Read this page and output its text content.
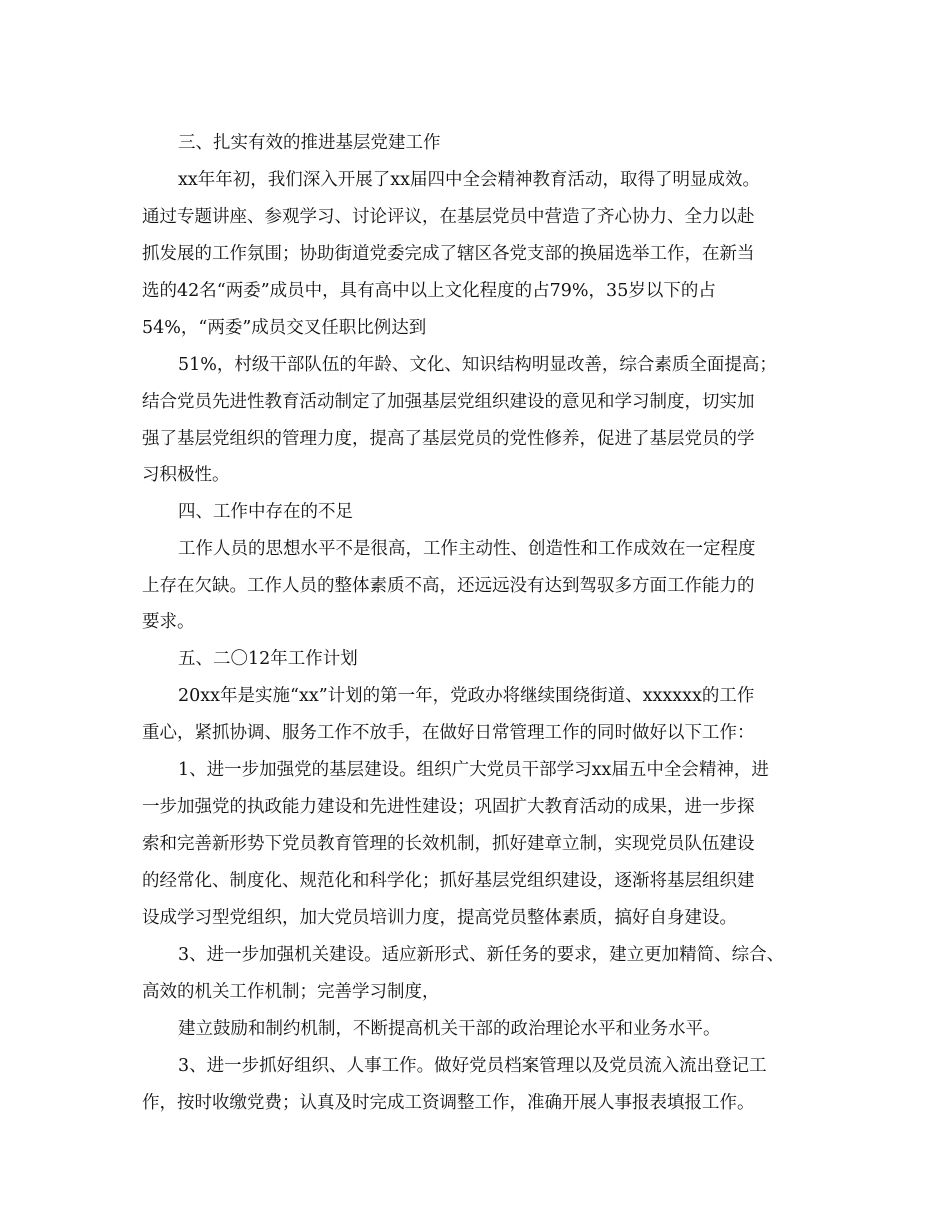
三、扎实有效的推进基层党建工作

xx年年初，我们深入开展了xx届四中全会精神教育活动，取得了明显成效。

通过专题讲座、参观学习、讨论评议，在基层党员中营造了齐心协力、全力以赴

抓发展的工作氛围；协助街道党委完成了辖区各党支部的换届选举工作，在新当

选的42名“两委”成员中，具有高中以上文化程度的占79%，35岁以下的占

54%，“两委”成员交叉任职比例达到

51%，村级干部队伍的年龄、文化、知识结构明显改善，综合素质全面提高；

结合党员先进性教育活动制定了加强基层党组织建设的意见和学习制度，切实加

强了基层党组织的管理力度，提高了基层党员的党性修养，促进了基层党员的学

习积极性。

四、工作中存在的不足

工作人员的思想水平不是很高，工作主动性、创造性和工作成效在一定程度

上存在欠缺。工作人员的整体素质不高，还远远没有达到驾驭多方面工作能力的

要求。

五、二〇12年工作计划

20xx年是实施“xx”计划的第一年，党政办将继续围绕街道、xxxxxx的工作

重心，紧抓协调、服务工作不放手，在做好日常管理工作的同时做好以下工作：

1、进一步加强党的基层建设。组织广大党员干部学习xx届五中全会精神，进

一步加强党的执政能力建设和先进性建设；巩固扩大教育活动的成果，进一步探

索和完善新形势下党员教育管理的长效机制，抓好建章立制，实现党员队伍建设

的经常化、制度化、规范化和科学化；抓好基层党组织建设，逐渐将基层组织建

设成学习型党组织，加大党员培训力度，提高党员整体素质，搞好自身建设。

3、进一步加强机关建设。适应新形式、新任务的要求，建立更加精简、综合、

高效的机关工作机制；完善学习制度，

建立鼓励和制约机制，不断提高机关干部的政治理论水平和业务水平。

3、进一步抓好组织、人事工作。做好党员档案管理以及党员流入流出登记工

作，按时收缴党费；认真及时完成工资调整工作，准确开展人事报表填报工作。
